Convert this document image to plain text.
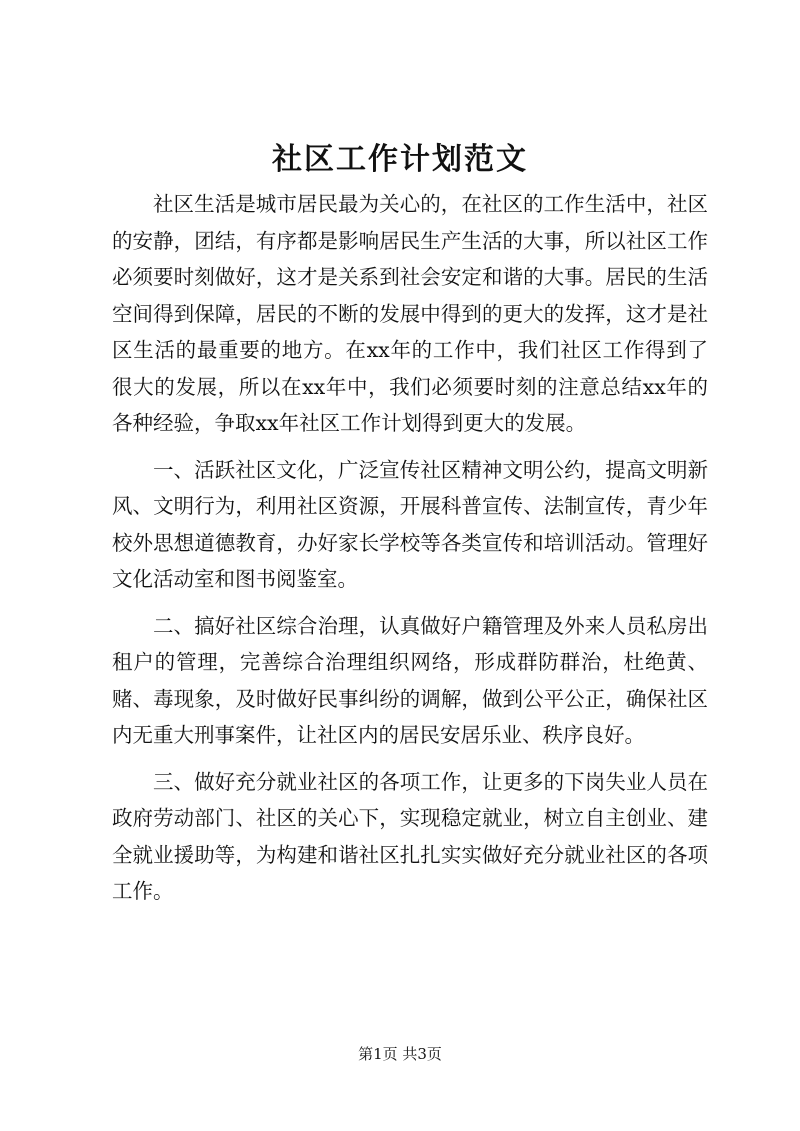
社区工作计划范文

社区生活是城市居民最为关心的，在社区的工作生活中，社区的安静，团结，有序都是影响居民生产生活的大事，所以社区工作必须要时刻做好，这才是关系到社会安定和谐的大事。居民的生活空间得到保障，居民的不断的发展中得到的更大的发挥，这才是社区生活的最重要的地方。在xx年的工作中，我们社区工作得到了很大的发展，所以在xx年中，我们必须要时刻的注意总结xx年的各种经验，争取xx年社区工作计划得到更大的发展。

一、活跃社区文化，广泛宣传社区精神文明公约，提高文明新风、文明行为，利用社区资源，开展科普宣传、法制宣传，青少年校外思想道德教育，办好家长学校等各类宣传和培训活动。管理好文化活动室和图书阅鉴室。

二、搞好社区综合治理，认真做好户籍管理及外来人员私房出租户的管理，完善综合治理组织网络，形成群防群治，杜绝黄、赌、毒现象，及时做好民事纠纷的调解，做到公平公正，确保社区内无重大刑事案件，让社区内的居民安居乐业、秩序良好。

三、做好充分就业社区的各项工作，让更多的下岗失业人员在政府劳动部门、社区的关心下，实现稳定就业，树立自主创业、建全就业援助等，为构建和谐社区扎扎实实做好充分就业社区的各项工作。

第1页 共3页
